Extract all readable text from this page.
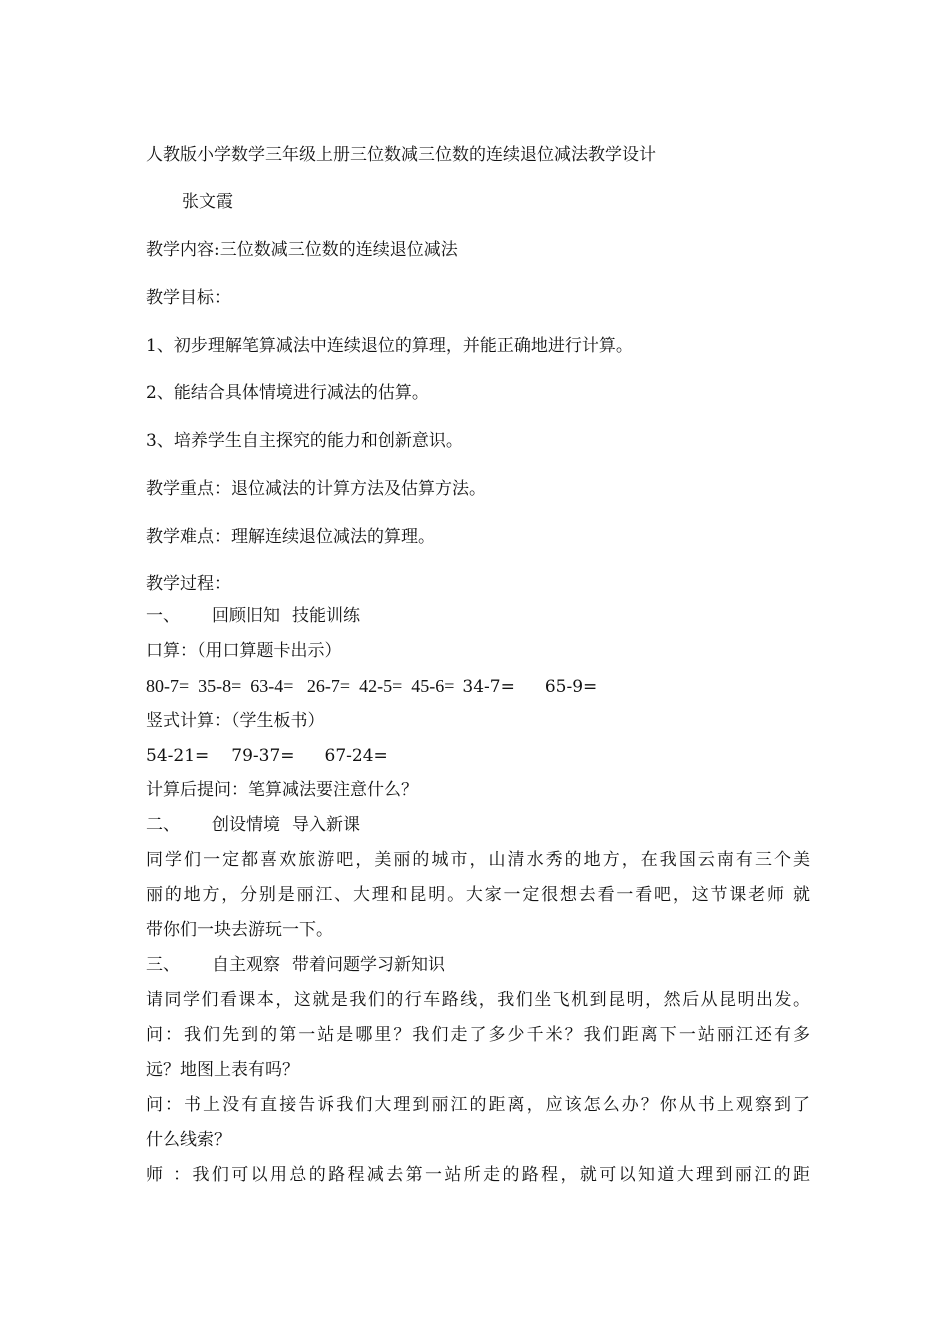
人教版小学数学三年级上册三位数减三位数的连续退位减法教学设计
张文霞
教学内容:三位数减三位数的连续退位减法
教学目标：
1、初步理解笔算减法中连续退位的算理，并能正确地进行计算。
2、能结合具体情境进行减法的估算。
3、培养学生自主探究的能力和创新意识。
教学重点：退位减法的计算方法及估算方法。
教学难点：理解连续退位减法的算理。
教学过程：
一、 回顾旧知 技能训练
口算：（用口算题卡出示）
80-7=  35-8=  63-4=   26-7=  42-5=  45-6= 34-7= 65-9=
竖式计算：（学生板书）
54-21= 79-37= 67-24=
计算后提问：笔算减法要注意什么？
二、 创设情境 导入新课
同学们一定都喜欢旅游吧，美丽的城市，山清水秀的地方，在我国云南有三个美
丽的地方，分别是丽江、大理和昆明。大家一定很想去看一看吧，这节课老师 就
带你们一块去游玩一下。
三、 自主观察 带着问题学习新知识
请同学们看课本，这就是我们的行车路线，我们坐飞机到昆明，然后从昆明出发。
问：我们先到的第一站是哪里？我们走了多少千米？我们距离下一站丽江还有多
远？地图上表有吗？
问：书上没有直接告诉我们大理到丽江的距离，应该怎么办？你从书上观察到了
什么线索？
师 ：我们可以用总的路程减去第一站所走的路程，就可以知道大理到丽江的距
